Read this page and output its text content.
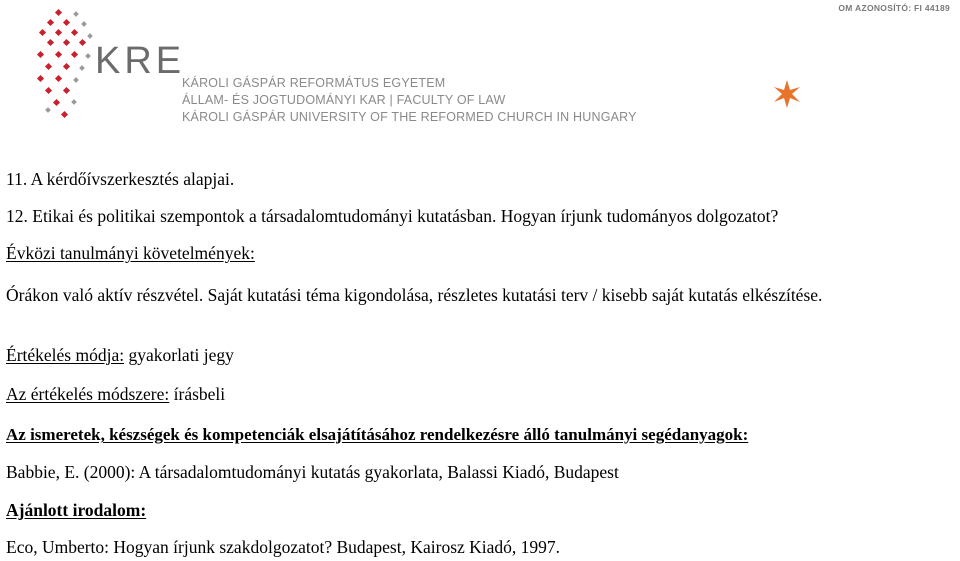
KRE
KÁROLI GÁSPÁR REFORMÁTUS EGYETEM
ÁLLAM- ÉS JOGTUDOMÁNYI KAR | FACULTY OF LAW
KÁROLI GÁSPÁR UNIVERSITY OF THE REFORMED CHURCH IN HUNGARY
OM AZONOSÍTÓ: FI 44189

11. A kérdőívszerkesztés alapjai.

12. Etikai és politikai szempontok a társadalomtudományi kutatásban. Hogyan írjunk tudományos dolgozatot?

Évközi tanulmányi követelmények:

Órákon való aktív részvétel. Saját kutatási téma kigondolása, részletes kutatási terv / kisebb saját kutatás elkészítése.

Értékelés módja: gyakorlati jegy

Az értékelés módszere: írásbeli

Az ismeretek, készségek és kompetenciák elsajátításához rendelkezésre álló tanulmányi segédanyagok:

Babbie, E. (2000): A társadalomtudományi kutatás gyakorlata, Balassi Kiadó, Budapest

Ajánlott irodalom:

Eco, Umberto: Hogyan írjunk szakdolgozatot? Budapest, Kairosz Kiadó, 1997.
